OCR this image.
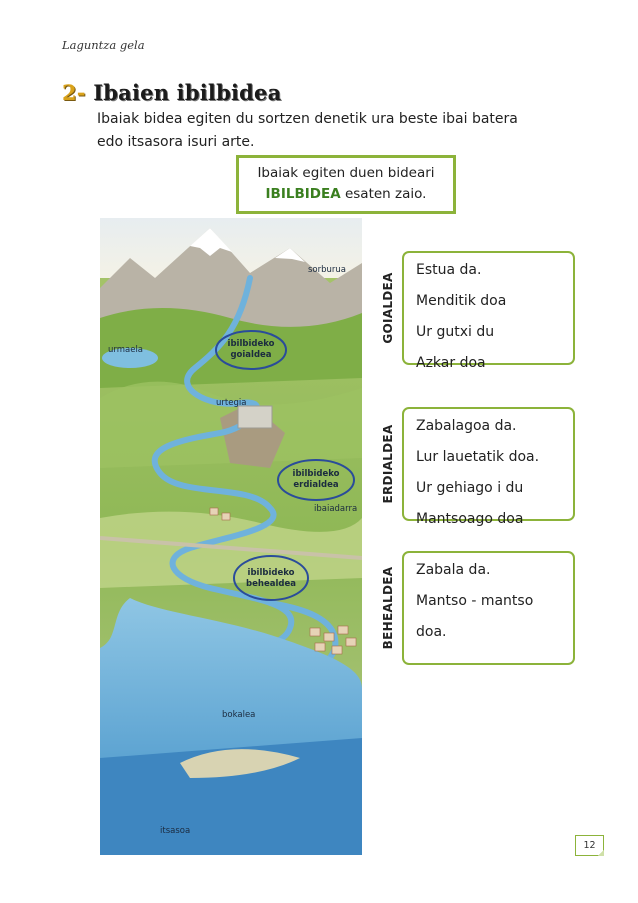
Laguntza gela
2- Ibaien ibilbidea
Ibaiak bidea egiten du sortzen denetik ura beste ibai batera
edo itsasora isuri arte.
Ibaiak egiten duen bideari
IBILBIDEA esaten zaio.
sorburua
urmaela
urtegia
ibilbideko
goialdea
ibilbideko
erdialdea
ibaiadarra
ibilbideko
behealdea
bokalea
itsasoa
GOIALDEA
Estua da.
Menditik doa
Ur gutxi du
Azkar doa
ERDIALDEA Zabalagoa da.
Lur lauetatik doa.
Ur gehiago i du
Mantsoago doa
BEHEALDEA Zabala da.
Mantso - mantso
doa.
12
